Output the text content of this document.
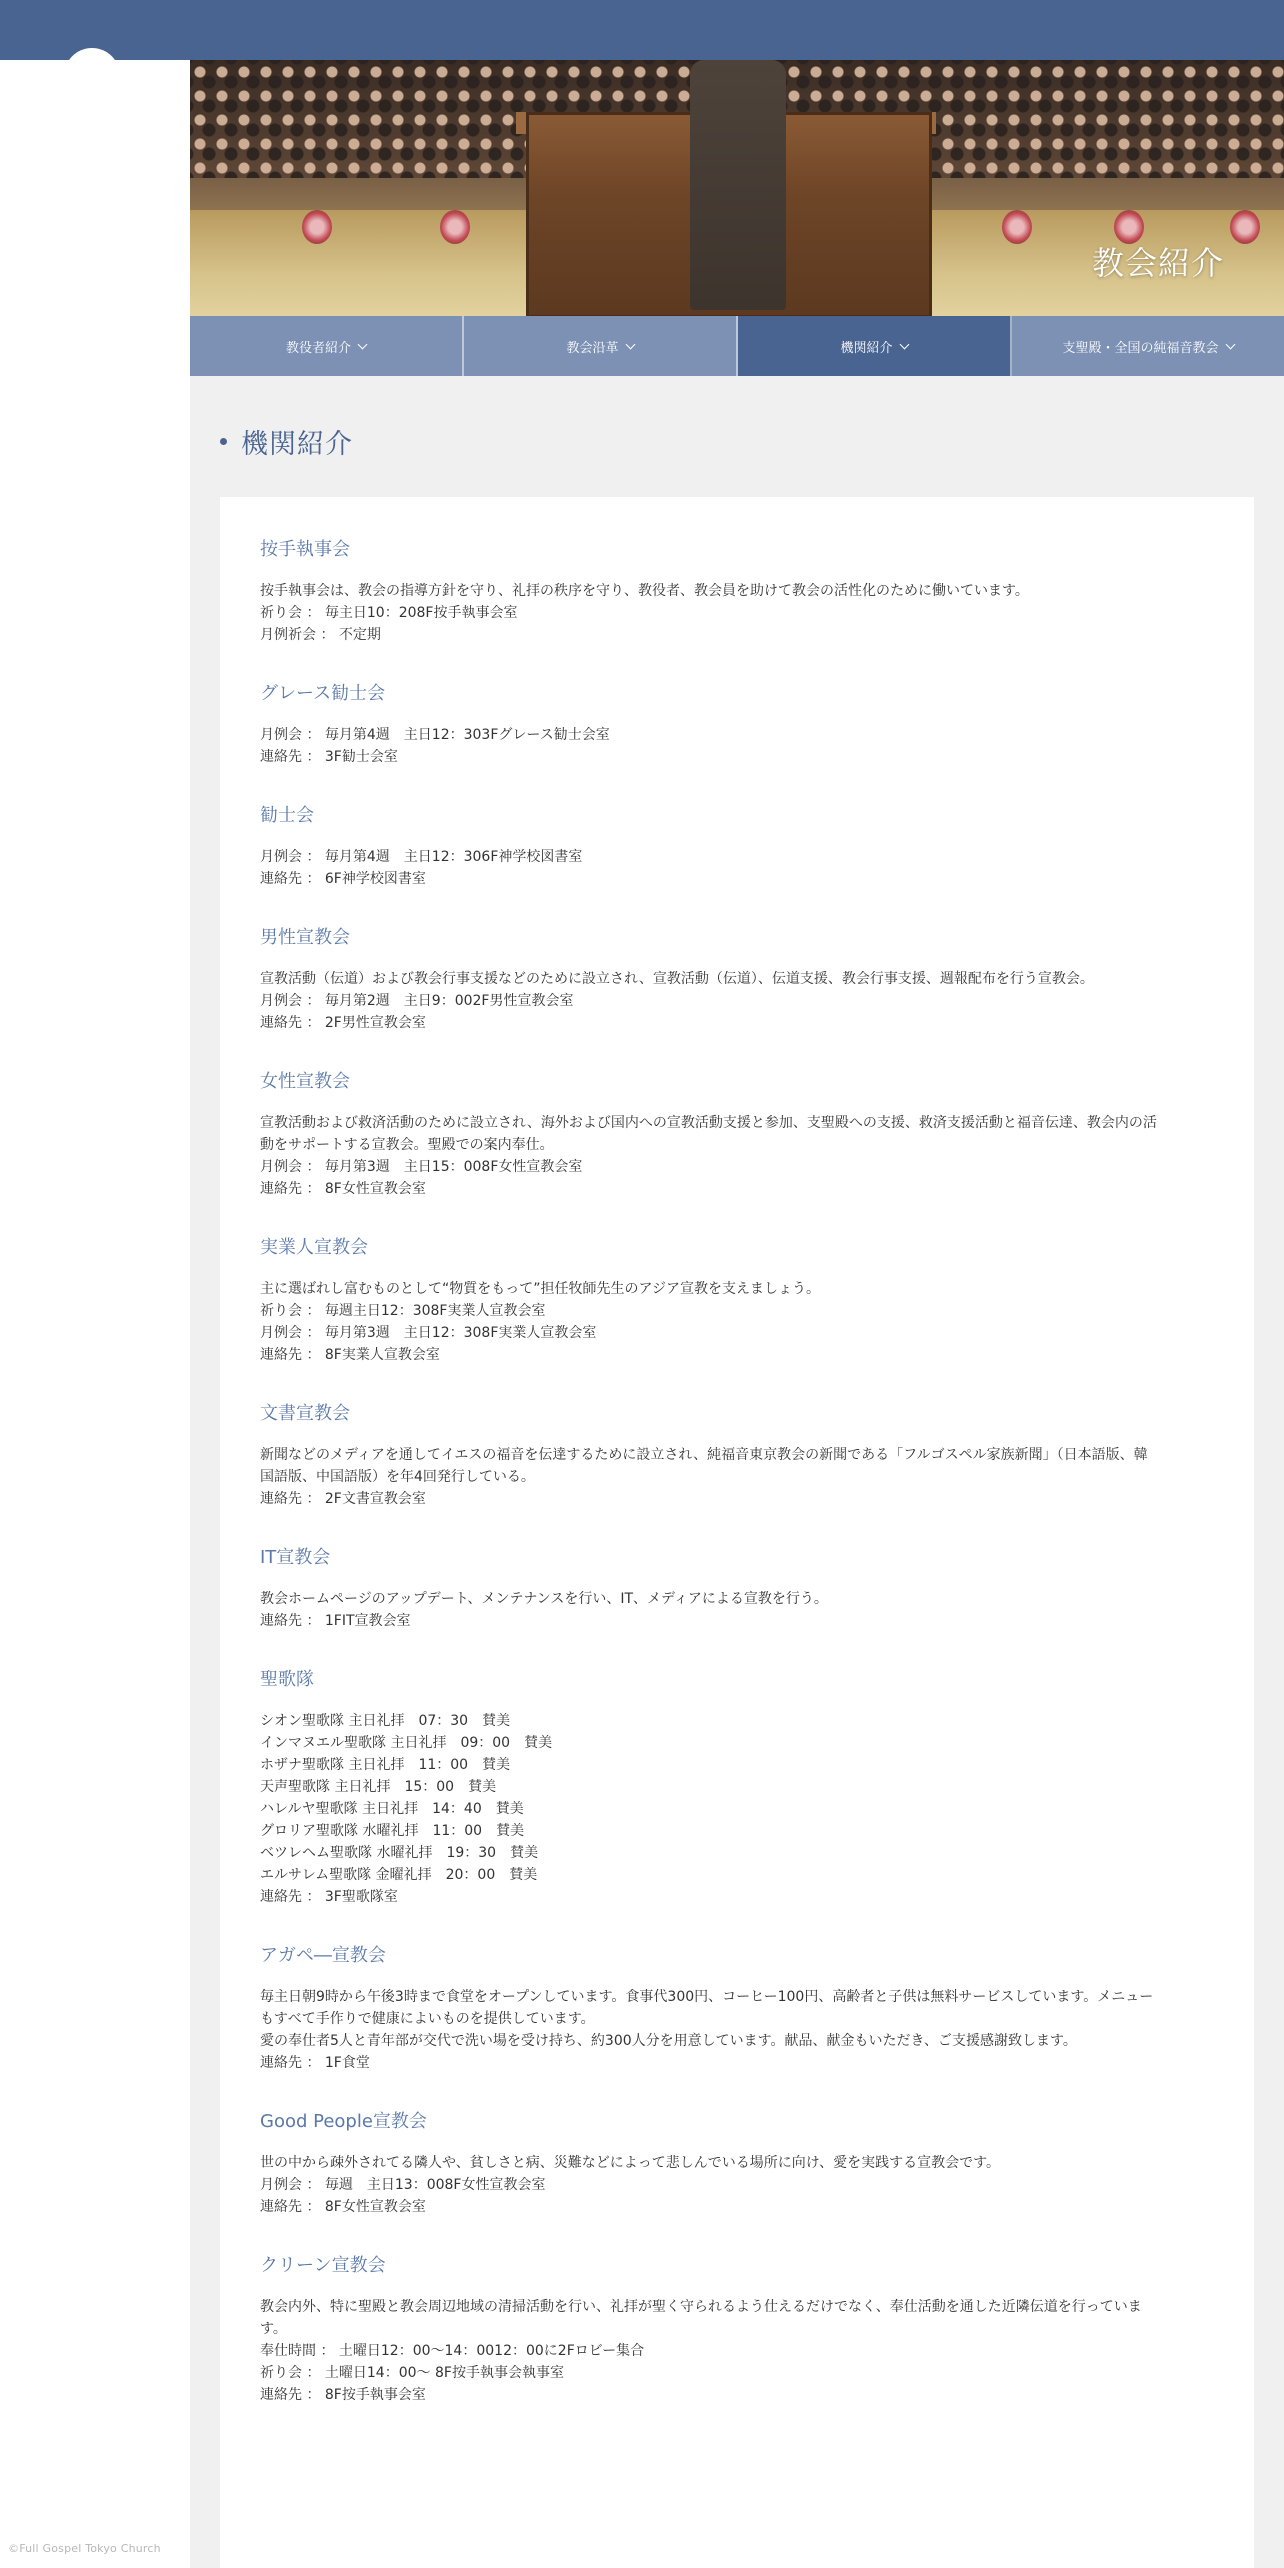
©Full Gospel Tokyo Church
教会紹介
教役者紹介	教会沿革	機関紹介	支聖殿・全国の純福音教会
機関紹介
按手執事会

按手執事会は、教会の指導方針を守り、礼拝の秩序を守り、教役者、教会員を助けて教会の活性化のために働いています。

祈り会 ： 毎主日10：208F按手執事会室

月例祈会 ： 不定期

グレース勧士会

月例会 ： 毎月第4週　主日12：303Fグレース勧士会室

連絡先 ： 3F勧士会室

勧士会

月例会 ： 毎月第4週　主日12：306F神学校図書室

連絡先 ： 6F神学校図書室

男性宣教会

宣教活動（伝道）および教会行事支援などのために設立され、宣教活動（伝道）、伝道支援、教会行事支援、週報配布を行う宣教会。

月例会 ： 毎月第2週　主日9：002F男性宣教会室

連絡先 ： 2F男性宣教会室

女性宣教会

宣教活動および救済活動のために設立され、海外および国内への宣教活動支援と参加、支聖殿への支援、救済支援活動と福音伝達、教会内の活

動をサポートする宣教会。聖殿での案内奉仕。

月例会 ： 毎月第3週　主日15：008F女性宣教会室

連絡先 ： 8F女性宣教会室

実業人宣教会

主に選ばれし富むものとして“物質をもって”担任牧師先生のアジア宣教を支えましょう。

祈り会 ： 毎週主日12：308F実業人宣教会室

月例会 ： 毎月第3週　主日12：308F実業人宣教会室

連絡先 ： 8F実業人宣教会室

文書宣教会

新聞などのメディアを通してイエスの福音を伝達するために設立され、純福音東京教会の新聞である「フルゴスペル家族新聞」（日本語版、韓

国語版、中国語版）を年4回発行している。

連絡先 ： 2F文書宣教会室

IT宣教会

教会ホームページのアップデート、メンテナンスを行い、IT、メディアによる宣教を行う。

連絡先 ： 1FIT宣教会室

聖歌隊

シオン聖歌隊 主日礼拝　07：30　賛美

インマヌエル聖歌隊 主日礼拝　09：00　賛美

ホザナ聖歌隊 主日礼拝　11：00　賛美

天声聖歌隊 主日礼拝　15：00　賛美

ハレルヤ聖歌隊 主日礼拝　14：40　賛美

グロリア聖歌隊 水曜礼拝　11：00　賛美

ベツレヘム聖歌隊 水曜礼拝　19：30　賛美

エルサレム聖歌隊 金曜礼拝　20：00　賛美

連絡先 ： 3F聖歌隊室

アガペ―宣教会

毎主日朝9時から午後3時まで食堂をオープンしています。食事代300円、コーヒー100円、高齢者と子供は無料サービスしています。メニュー

もすべて手作りで健康によいものを提供しています。

愛の奉仕者5人と青年部が交代で洗い場を受け持ち、約300人分を用意しています。献品、献金もいただき、ご支援感謝致します。

連絡先 ： 1F食堂

Good People宣教会

世の中から疎外されてる隣人や、貧しさと病、災難などによって悲しんでいる場所に向け、愛を実践する宣教会です。

月例会 ： 毎週　主日13：008F女性宣教会室

連絡先 ： 8F女性宣教会室

クリーン宣教会

教会内外、特に聖殿と教会周辺地域の清掃活動を行い、礼拝が聖く守られるよう仕えるだけでなく、奉仕活動を通した近隣伝道を行っていま

す。

奉仕時間 ： 土曜日12：00～14：0012：00に2Fロビー集合

祈り会 ： 土曜日14：00～ 8F按手執事会執事室

連絡先 ： 8F按手執事会室
